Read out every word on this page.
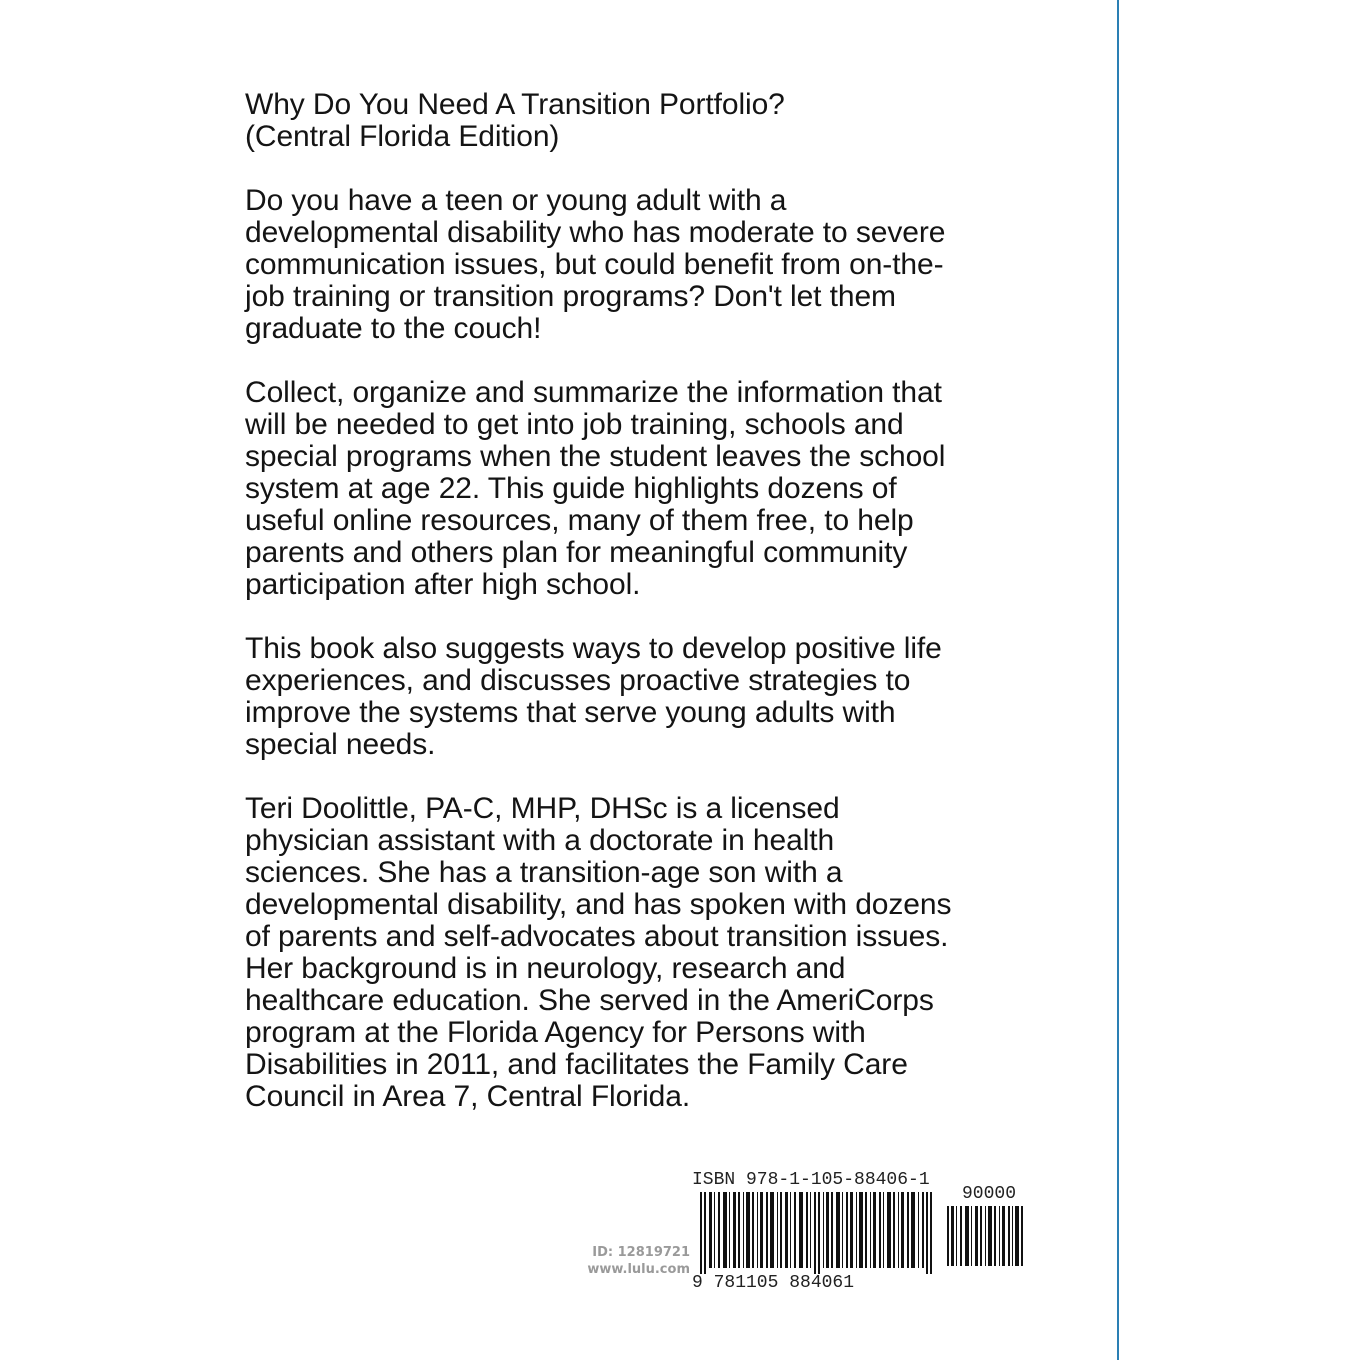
Why Do You Need A Transition Portfolio?
(Central Florida Edition)

Do you have a teen or young adult with a
developmental disability who has moderate to severe
communication issues, but could benefit from on-the-
job training or transition programs? Don't let them
graduate to the couch!

Collect, organize and summarize the information that
will be needed to get into job training, schools and
special programs when the student leaves the school
system at age 22. This guide highlights dozens of
useful online resources, many of them free, to help
parents and others plan for meaningful community
participation after high school.

This book also suggests ways to develop positive life
experiences, and discusses proactive strategies to
improve the systems that serve young adults with
special needs.

Teri Doolittle, PA-C, MHP, DHSc is a licensed
physician assistant with a doctorate in health
sciences. She has a transition-age son with a
developmental disability, and has spoken with dozens
of parents and self-advocates about transition issues.
Her background is in neurology, research and
healthcare education. She served in the AmeriCorps
program at the Florida Agency for Persons with
Disabilities in 2011, and facilitates the Family Care
Council in Area 7, Central Florida.

ID: 12819721
www.lulu.com
ISBN 978-1-105-88406-1
90000
9 781105 884061
